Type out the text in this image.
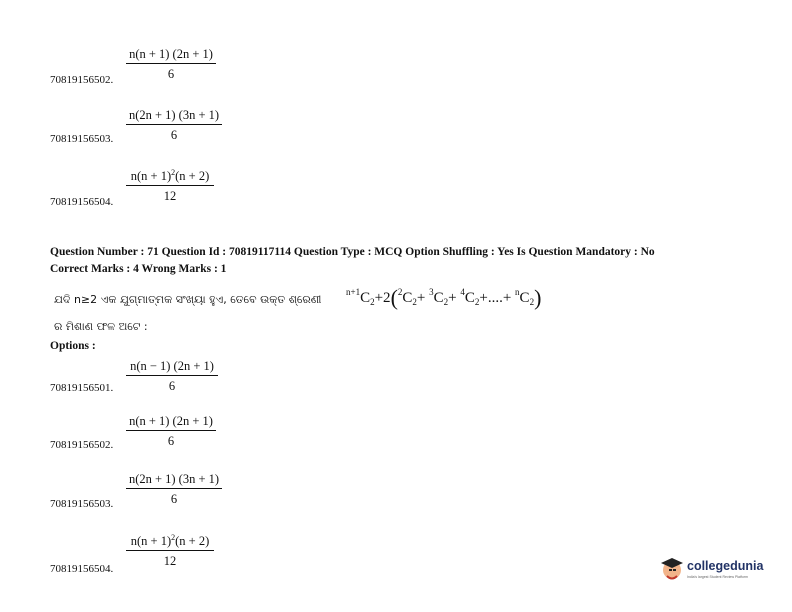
$\frac{n(n + 1) (2n + 1)}{6}$
70819156502.
$\frac{n(2n + 1) (3n + 1)}{6}$
70819156503.
$\frac{n(n + 1)^2(n + 2)}{12}$
70819156504.
Question Number : 71 Question Id : 70819117114 Question Type : MCQ Option Shuffling : Yes Is Question Mandatory : No
Correct Marks : 4 Wrong Marks : 1
ଯଦି n≥2 ଏକ ଯୁଗ୍ମାତ୍ମକ ସଂଖ୍ୟା ହୁଏ, ତେବେ ଉକ୍ତ ଶ୍ରେଣୀ
$^{n+1}C_2+2(^2C_2+ ^3C_2+ ^4C_2+....+ ^nC_2)$
ର ମିଶାଣ ଫଳ ଅଟେ :
Options :
$\frac{n(n - 1) (2n + 1)}{6}$
70819156501.
$\frac{n(n + 1) (2n + 1)}{6}$
70819156502.
$\frac{n(2n + 1) (3n + 1)}{6}$
70819156503.
$\frac{n(n + 1)^2(n + 2)}{12}$
70819156504.	collegedunia
India's largest Student Review Platform
